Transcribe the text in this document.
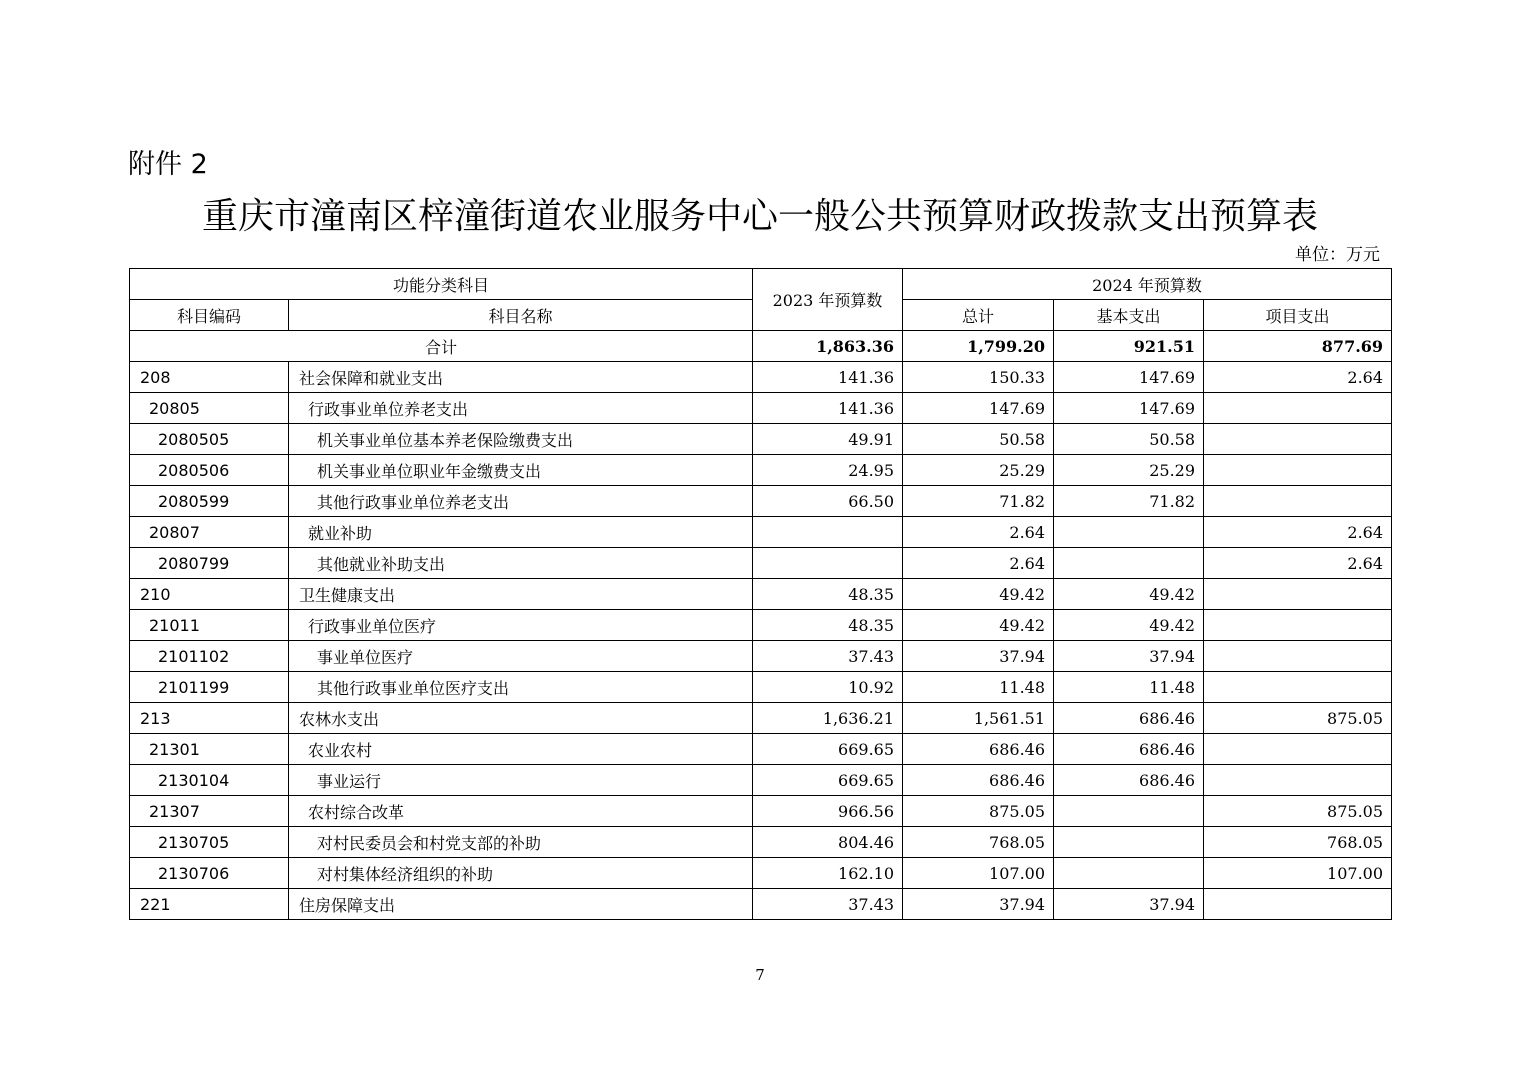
附件 2
重庆市潼南区梓潼街道农业服务中心一般公共预算财政拨款支出预算表
单位：万元
功能分类科目		2023 年预算数	2024 年预算数		
科目编码	科目名称		总计	基本支出	项目支出
合计		1,863.36	1,799.20	921.51	877.69
208	社会保障和就业支出	141.36	150.33	147.69	2.64
20805	行政事业单位养老支出	141.36	147.69	147.69	
2080505	机关事业单位基本养老保险缴费支出	49.91	50.58	50.58	
2080506	机关事业单位职业年金缴费支出	24.95	25.29	25.29	
2080599	其他行政事业单位养老支出	66.50	71.82	71.82	
20807	就业补助		2.64		2.64
2080799	其他就业补助支出		2.64		2.64
210	卫生健康支出	48.35	49.42	49.42	
21011	行政事业单位医疗	48.35	49.42	49.42	
2101102	事业单位医疗	37.43	37.94	37.94	
2101199	其他行政事业单位医疗支出	10.92	11.48	11.48	
213	农林水支出	1,636.21	1,561.51	686.46	875.05
21301	农业农村	669.65	686.46	686.46	
2130104	事业运行	669.65	686.46	686.46	
21307	农村综合改革	966.56	875.05		875.05
2130705	对村民委员会和村党支部的补助	804.46	768.05		768.05
2130706	对村集体经济组织的补助	162.10	107.00		107.00
221	住房保障支出	37.43	37.94	37.94	
7
